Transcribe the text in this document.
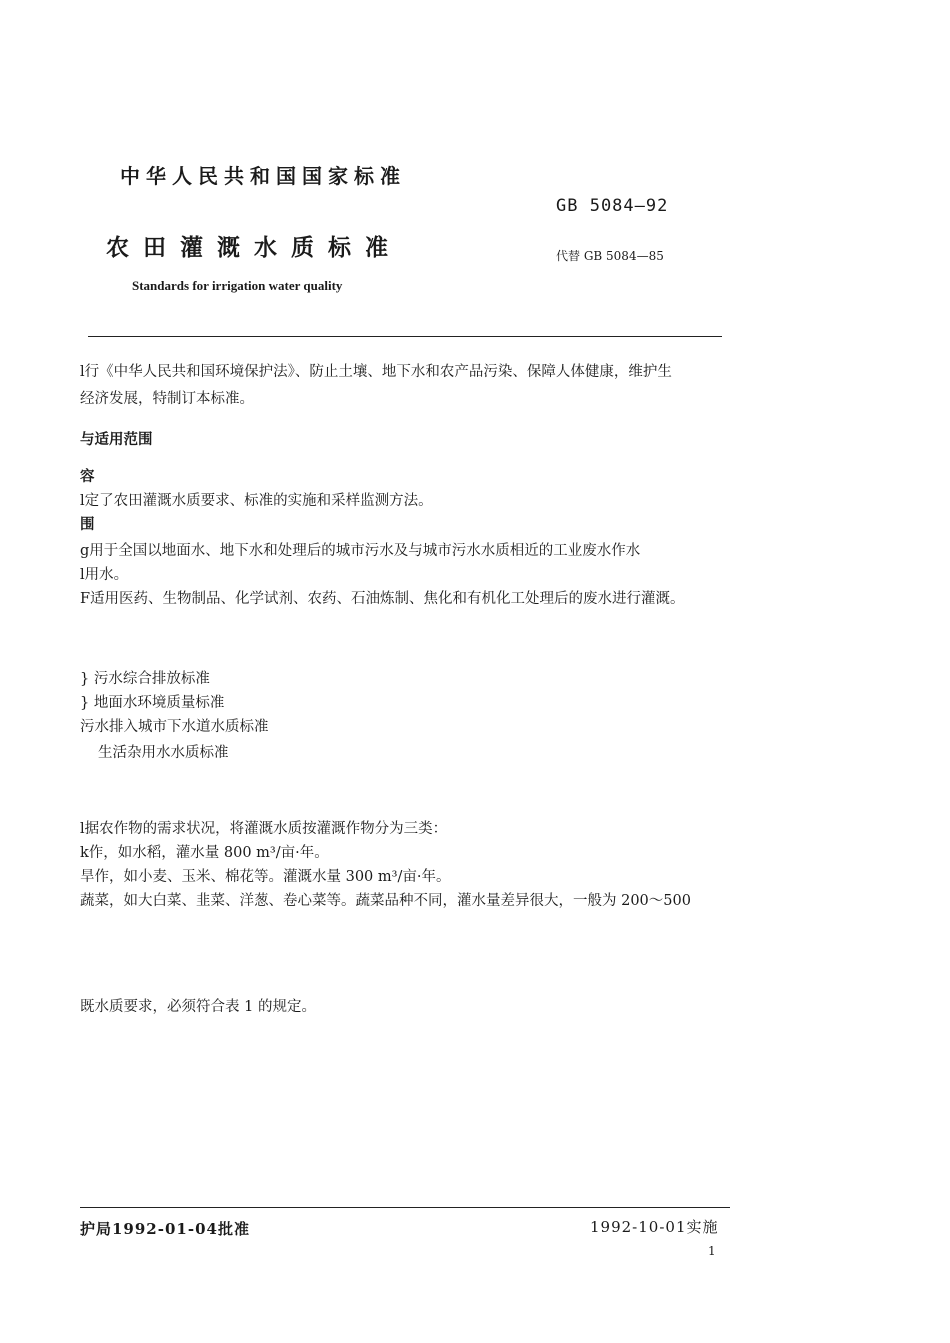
中华人民共和国国家标准
GB 5084—92
农田灌溉水质标准	代替 GB 5084—85
Standards for irrigation water quality
l行《中华人民共和国环境保护法》、防止土壤、地下水和农产品污染、保障人体健康，维护生
经济发展，特制订本标准。
与适用范围
容
l定了农田灌溉水质要求、标准的实施和采样监测方法。
围
g用于全国以地面水、地下水和处理后的城市污水及与城市污水水质相近的工业废水作水
l用水。
F适用医药、生物制品、化学试剂、农药、石油炼制、焦化和有机化工处理后的废水进行灌溉。
} 污水综合排放标准
} 地面水环境质量标准
污水排入城市下水道水质标准
生活杂用水水质标准
l据农作物的需求状况，将灌溉水质按灌溉作物分为三类：
k作，如水稻，灌水量 800 m³/亩·年。
旱作，如小麦、玉米、棉花等。灌溉水量 300 m³/亩·年。
蔬菜，如大白菜、韭菜、洋葱、卷心菜等。蔬菜品种不同，灌水量差异很大，一般为 200～500
既水质要求，必须符合表 1 的规定。
护局1992-01-04批准	1992-10-01实施
1
